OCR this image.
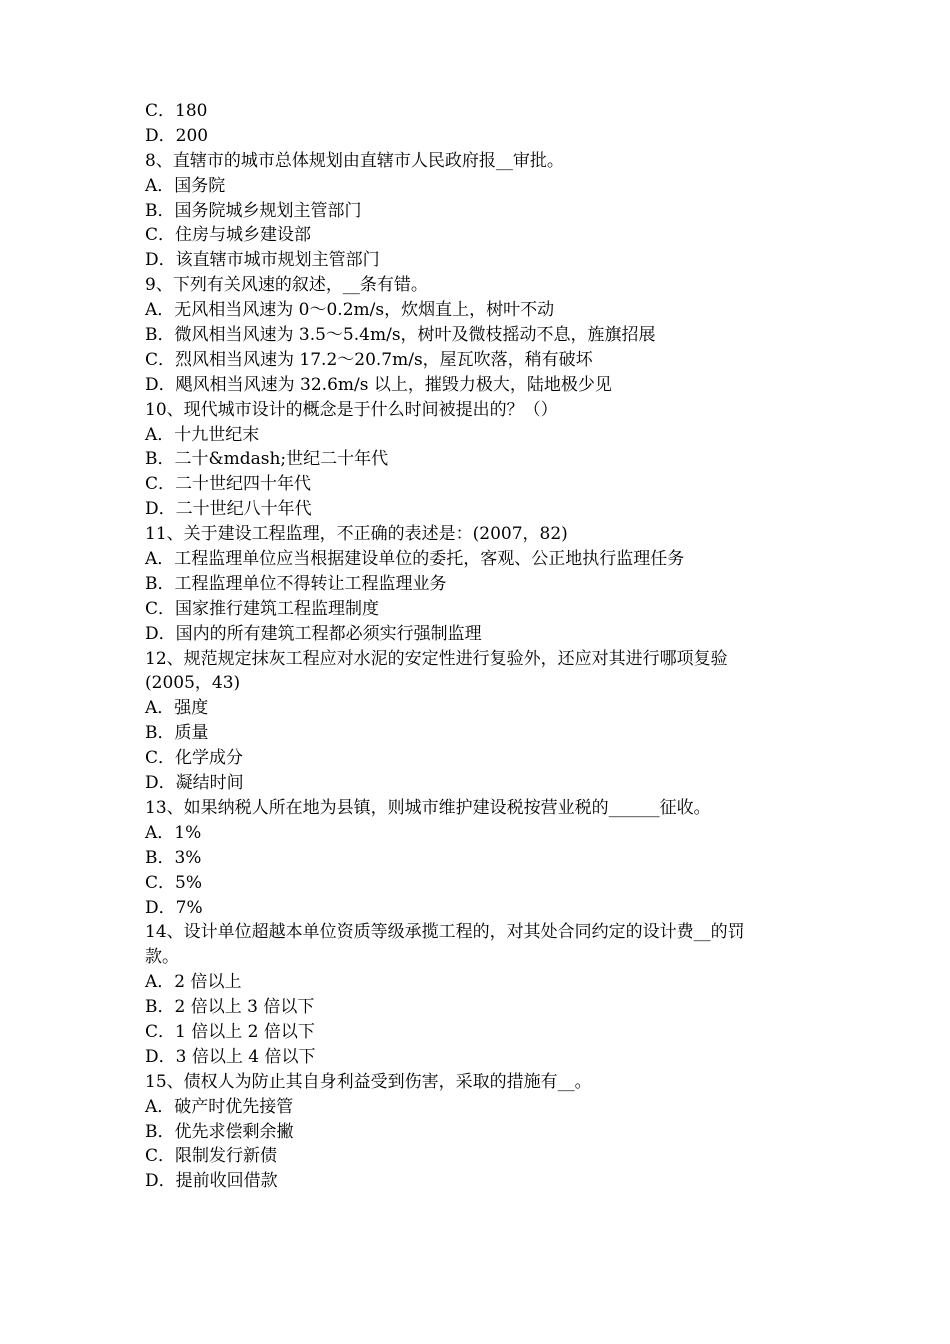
C．180
D．200
8、直辖市的城市总体规划由直辖市人民政府报__审批。
A．国务院
B．国务院城乡规划主管部门
C．住房与城乡建设部
D．该直辖市城市规划主管部门
9、下列有关风速的叙述，__条有错。
A．无风相当风速为 0～0.2m/s，炊烟直上，树叶不动
B．微风相当风速为 3.5～5.4m/s，树叶及微枝摇动不息，旌旗招展
C．烈风相当风速为 17.2～20.7m/s，屋瓦吹落，稍有破坏
D．飓风相当风速为 32.6m/s 以上，摧毁力极大，陆地极少见
10、现代城市设计的概念是于什么时间被提出的？（）
A．十九世纪末
B．二十&mdash;世纪二十年代
C．二十世纪四十年代
D．二十世纪八十年代
11、关于建设工程监理，不正确的表述是：(2007，82)
A．工程监理单位应当根据建设单位的委托，客观、公正地执行监理任务
B．工程监理单位不得转让工程监理业务
C．国家推行建筑工程监理制度
D．国内的所有建筑工程都必须实行强制监理
12、规范规定抹灰工程应对水泥的安定性进行复验外，还应对其进行哪项复验
(2005，43)
A．强度
B．质量
C．化学成分
D．凝结时间
13、如果纳税人所在地为县镇，则城市维护建设税按营业税的______征收。
A．1%
B．3%
C．5%
D．7%
14、设计单位超越本单位资质等级承揽工程的，对其处合同约定的设计费__的罚
款。
A．2 倍以上
B．2 倍以上 3 倍以下
C．1 倍以上 2 倍以下
D．3 倍以上 4 倍以下
15、债权人为防止其自身利益受到伤害，采取的措施有__。
A．破产时优先接管
B．优先求偿剩余撇
C．限制发行新债
D．提前收回借款
